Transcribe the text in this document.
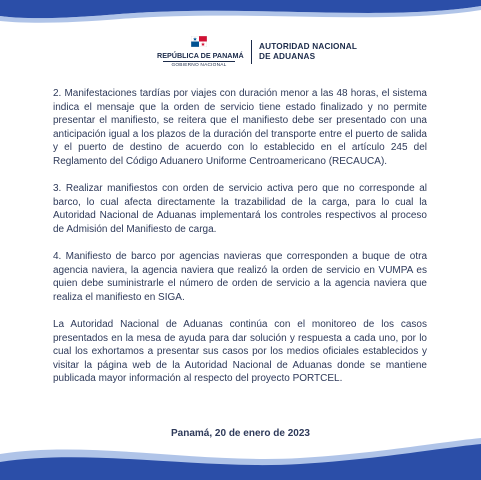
REPÚBLICA DE PANAMÁ
GOBIERNO NACIONAL
AUTORIDAD NACIONAL
DE ADUANAS

2. Manifestaciones tardías por viajes con duración menor a las 48 horas, el sistema indica el mensaje que la orden de servicio tiene estado finalizado y no permite presentar el manifiesto, se reitera que el manifiesto debe ser presentado con una anticipación igual a los plazos de la duración del transporte entre el puerto de salida y el puerto de destino de acuerdo con lo establecido en el artículo 245 del Reglamento del Código Aduanero Uniforme Centroamericano (RECAUCA).

3. Realizar manifiestos con orden de servicio activa pero que no corresponde al barco, lo cual afecta directamente la trazabilidad de la carga, para lo cual la Autoridad Nacional de Aduanas implementará los controles respectivos al proceso de Admisión del Manifiesto de carga.

4. Manifiesto de barco por agencias navieras que corresponden a buque de otra agencia naviera, la agencia naviera que realizó la orden de servicio en VUMPA es quien debe suministrarle el número de orden de servicio a la agencia naviera que realiza el manifiesto en SIGA.

La Autoridad Nacional de Aduanas continúa con el monitoreo de los casos presentados en la mesa de ayuda para dar solución y respuesta a cada uno, por lo cual los exhortamos a presentar sus casos por los medios oficiales establecidos y visitar la página web de la Autoridad Nacional de Aduanas donde se mantiene publicada mayor información al respecto del proyecto PORTCEL.

Panamá, 20 de enero de 2023
